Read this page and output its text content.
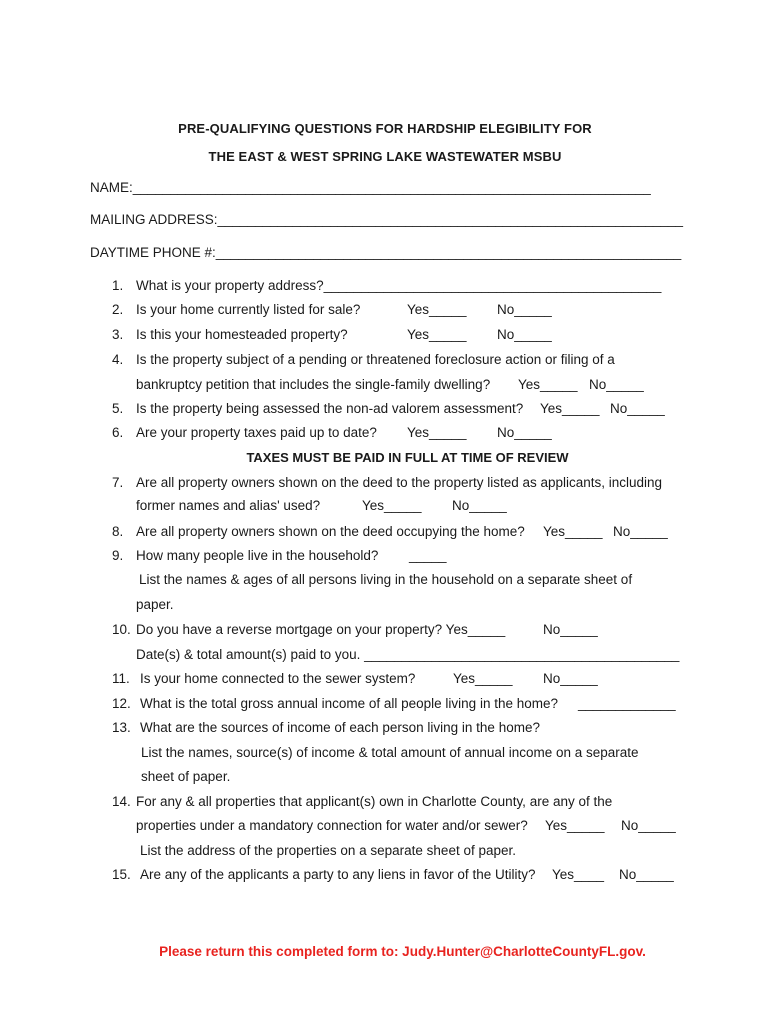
PRE-QUALIFYING QUESTIONS FOR HARDSHIP ELEGIBILITY FOR
THE EAST & WEST SPRING LAKE WASTEWATER MSBU
NAME:_____________________________________________________________________
MAILING ADDRESS:______________________________________________________________
DAYTIME PHONE #:______________________________________________________________
1. What is your property address?_____________________________________________
2. Is your home currently listed for sale?	Yes_____ No_____
3. Is this your homesteaded property?	Yes_____ No_____
4. Is the property subject of a pending or threatened foreclosure action or filing of a
bankruptcy petition that includes the single-family dwelling? Yes_____ No_____
5. Is the property being assessed the non-ad valorem assessment? Yes_____ No_____
6. Are your property taxes paid up to date? Yes_____ No_____
TAXES MUST BE PAID IN FULL AT TIME OF REVIEW
7. Are all property owners shown on the deed to the property listed as applicants, including
former names and alias' used?	Yes_____ No_____
8. Are all property owners shown on the deed occupying the home? Yes_____ No_____
9. How many people live in the household? _____
List the names & ages of all persons living in the household on a separate sheet of
paper.
10. Do you have a reverse mortgage on your property? Yes_____	No_____
Date(s) & total amount(s) paid to you. __________________________________________
11. Is your home connected to the sewer system?	Yes_____ No_____
12. What is the total gross annual income of all people living in the home? _____________
13. What are the sources of income of each person living in the home?
List the names, source(s) of income & total amount of annual income on a separate
sheet of paper.
14. For any & all properties that applicant(s) own in Charlotte County, are any of the
properties under a mandatory connection for water and/or sewer? Yes_____ No_____
List the address of the properties on a separate sheet of paper.
15. Are any of the applicants a party to any liens in favor of the Utility? Yes____ No_____
Please return this completed form to: Judy.Hunter@CharlotteCountyFL.gov.
